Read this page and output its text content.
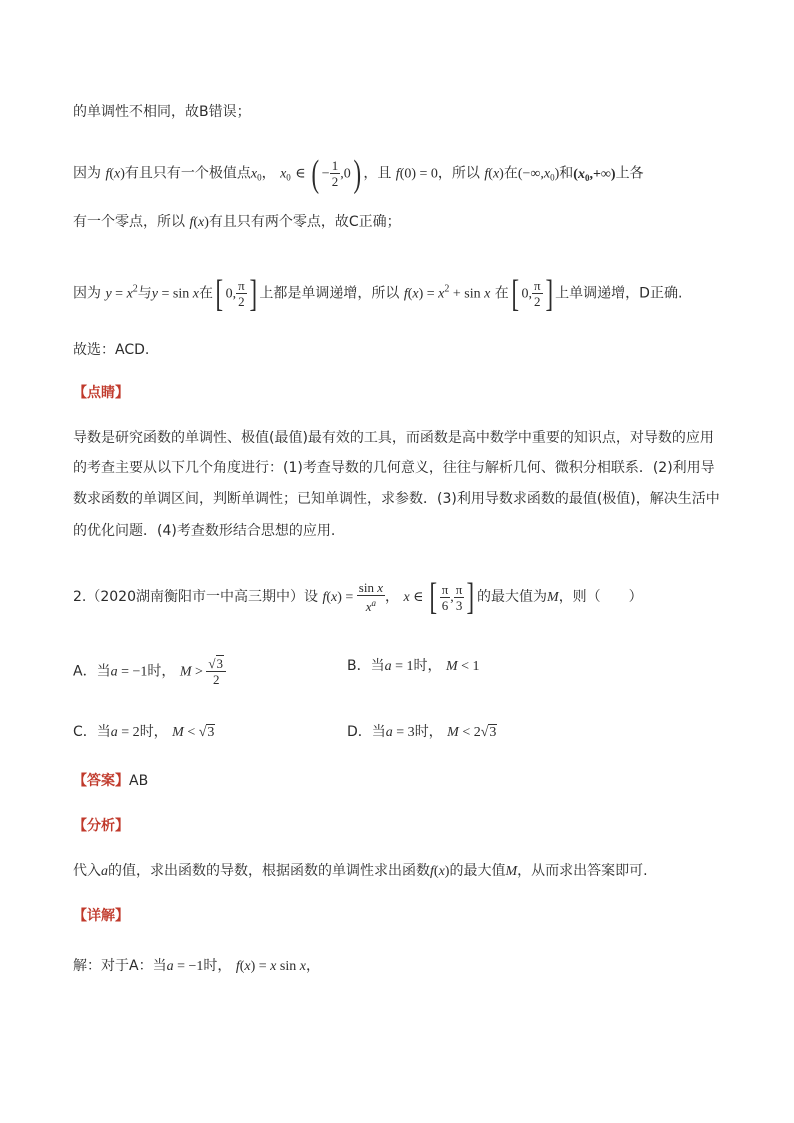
的单调性不相同，故B错误；
因为 f(x)有且只有一个极值点$x_0$， $x_0$ ∈ ( − $\frac{1}{2} ,0$) ，且 f(0) = 0，所以 f(x)在$(-\infty,x_0)$和$(x_0,+\infty)$上各
有一个零点，所以 f(x)有且只有两个零点，故C正确；
因为 $y = x^2$与y = sin x在[ 0, $\frac{\pi}{2}$ ] 上都是单调递增，所以 $f(x) = x^2 + \sin x$ 在[ 0, $\frac{\pi}{2}$ ] 上单调递增，D正确.
故选：ACD.
【点睛】
导数是研究函数的单调性、极值(最值)最有效的工具，而函数是高中数学中重要的知识点，对导数的应用
的考查主要从以下几个角度进行：(1)考查导数的几何意义，往往与解析几何、微积分相联系．(2)利用导
数求函数的单调区间，判断单调性；已知单调性，求参数．(3)利用导数求函数的最值(极值)，解决生活中
的优化问题．(4)考查数形结合思想的应用.
2.（2020湖南衡阳市一中高三期中）设 $f(x) = \frac{\text{sin x}}{x^a}$ ， x ∈ [ $\frac{\pi}{6}$ , $\frac{\pi}{3}$ ] 的最大值为M，则（　　）
A．当a = −1时， $M > \frac{√3}{2}$	B．当a = 1时， M < 1
C．当a = 2时， M < √3	D．当a = 3时， M < 2√3
【答案】AB
【分析】
代入a的值，求出函数的导数，根据函数的单调性求出函数f(x)的最大值M，从而求出答案即可.
【详解】
解：对于A：当a = −1时， f(x) = x sin x，
